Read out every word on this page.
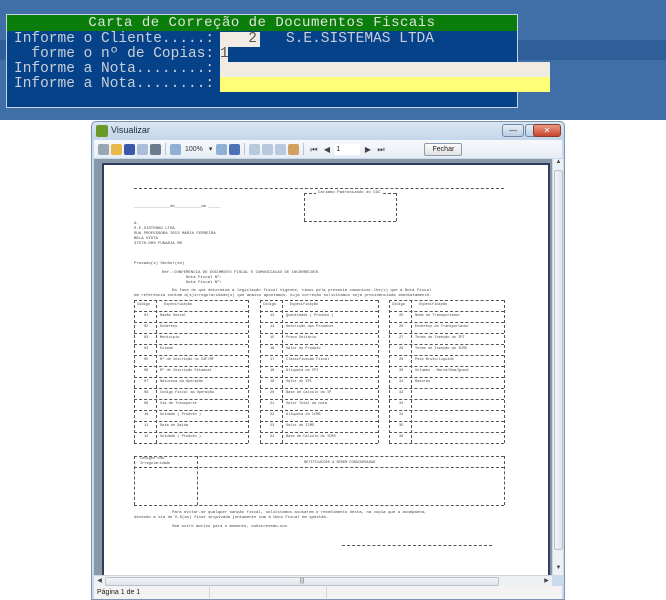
Carta de Correção de Documentos Fiscais
Informe o Cliente.....:	2 S.E.SISTEMAS LTDA
forme o nº de Copias: 1
Informe a Nota........:
Informe a Nota........:
Visualizar	—	✕
100% ▾	⏮ ◀
1	▶ ⏭	Fechar
Carimbo Padronizado do CGC
_______________de___________de _____
A
S.E.SISTEMAS LTDA
RUA PROFESSORA IRIS MARIA FERREIRA
BELA VISTA
37570-000 FUNADIA MG
Prezado(s) Senhor(es)
Ref.:CONFERENCIA DE DOCUMENTO FISCAL E COMUNICACAO DE INCORRECOES
Nota Fiscal Nº:
Nota Fiscal Nº:
Em face do que determina a legislação fiscal vigente, vimos pela presente comunicar-lhe(s) que a Nota Fiscal
em referência contem a(s)irregularidade(s) que abaixo apontamos, cuja correção solicitamos seja providenciada imediatamente.
Código	Especificação
01	Razão Social
02	Endereço
03	Municipio
04	Estado
05	Nº de Inscrição no CGF/MF
06	Nº de Inscrição Estadual
07	Natureza da Operação
08	Codigo Fiscal da Operação
09	Via de Transporte
10	Unidade ( Produto )
11	Data de Saida
12	Unidade ( Produto )
Código	Especificação
13	Quantidade ( Produto )
14	Descrição dos Produtos
15	Preço Unitário
16	Valor do Produto
17	Classificacao Fiscal
18	Aliquota do IPI
19	Valor do IPI
20	Base de Calculo do IP
21	Valor Total da nota
22	Aliquota do ICMS
23	Valor do ICMS
24	Base de Calculo do ICMS
Código	Especificação
25	Nome do Transportador
26	Endereço do Transportador
27	Termo de Isenção do IPI
28	Termo de Isenção do ICMS
29	Peso Bruto/Liquido
30	Volumes - Marca/Num/Quant
31	Rasuras
32
33
34
35
36
Códigos com
Irregularidade	RETIFICACOES A SEREM CONSIDERADAS
Para evitar-se qualquer sanção fiscal, solicitamos acusarem o recebimento desta, na copia que a acompanha,
devendo a via de V.S(as) ficar arquivada juntamente com a Nota Fiscal em questão.
Sem outro motivo para o momento, subscrevemo-nos
▲
▼
◀	|||	▶
Página 1 de 1
